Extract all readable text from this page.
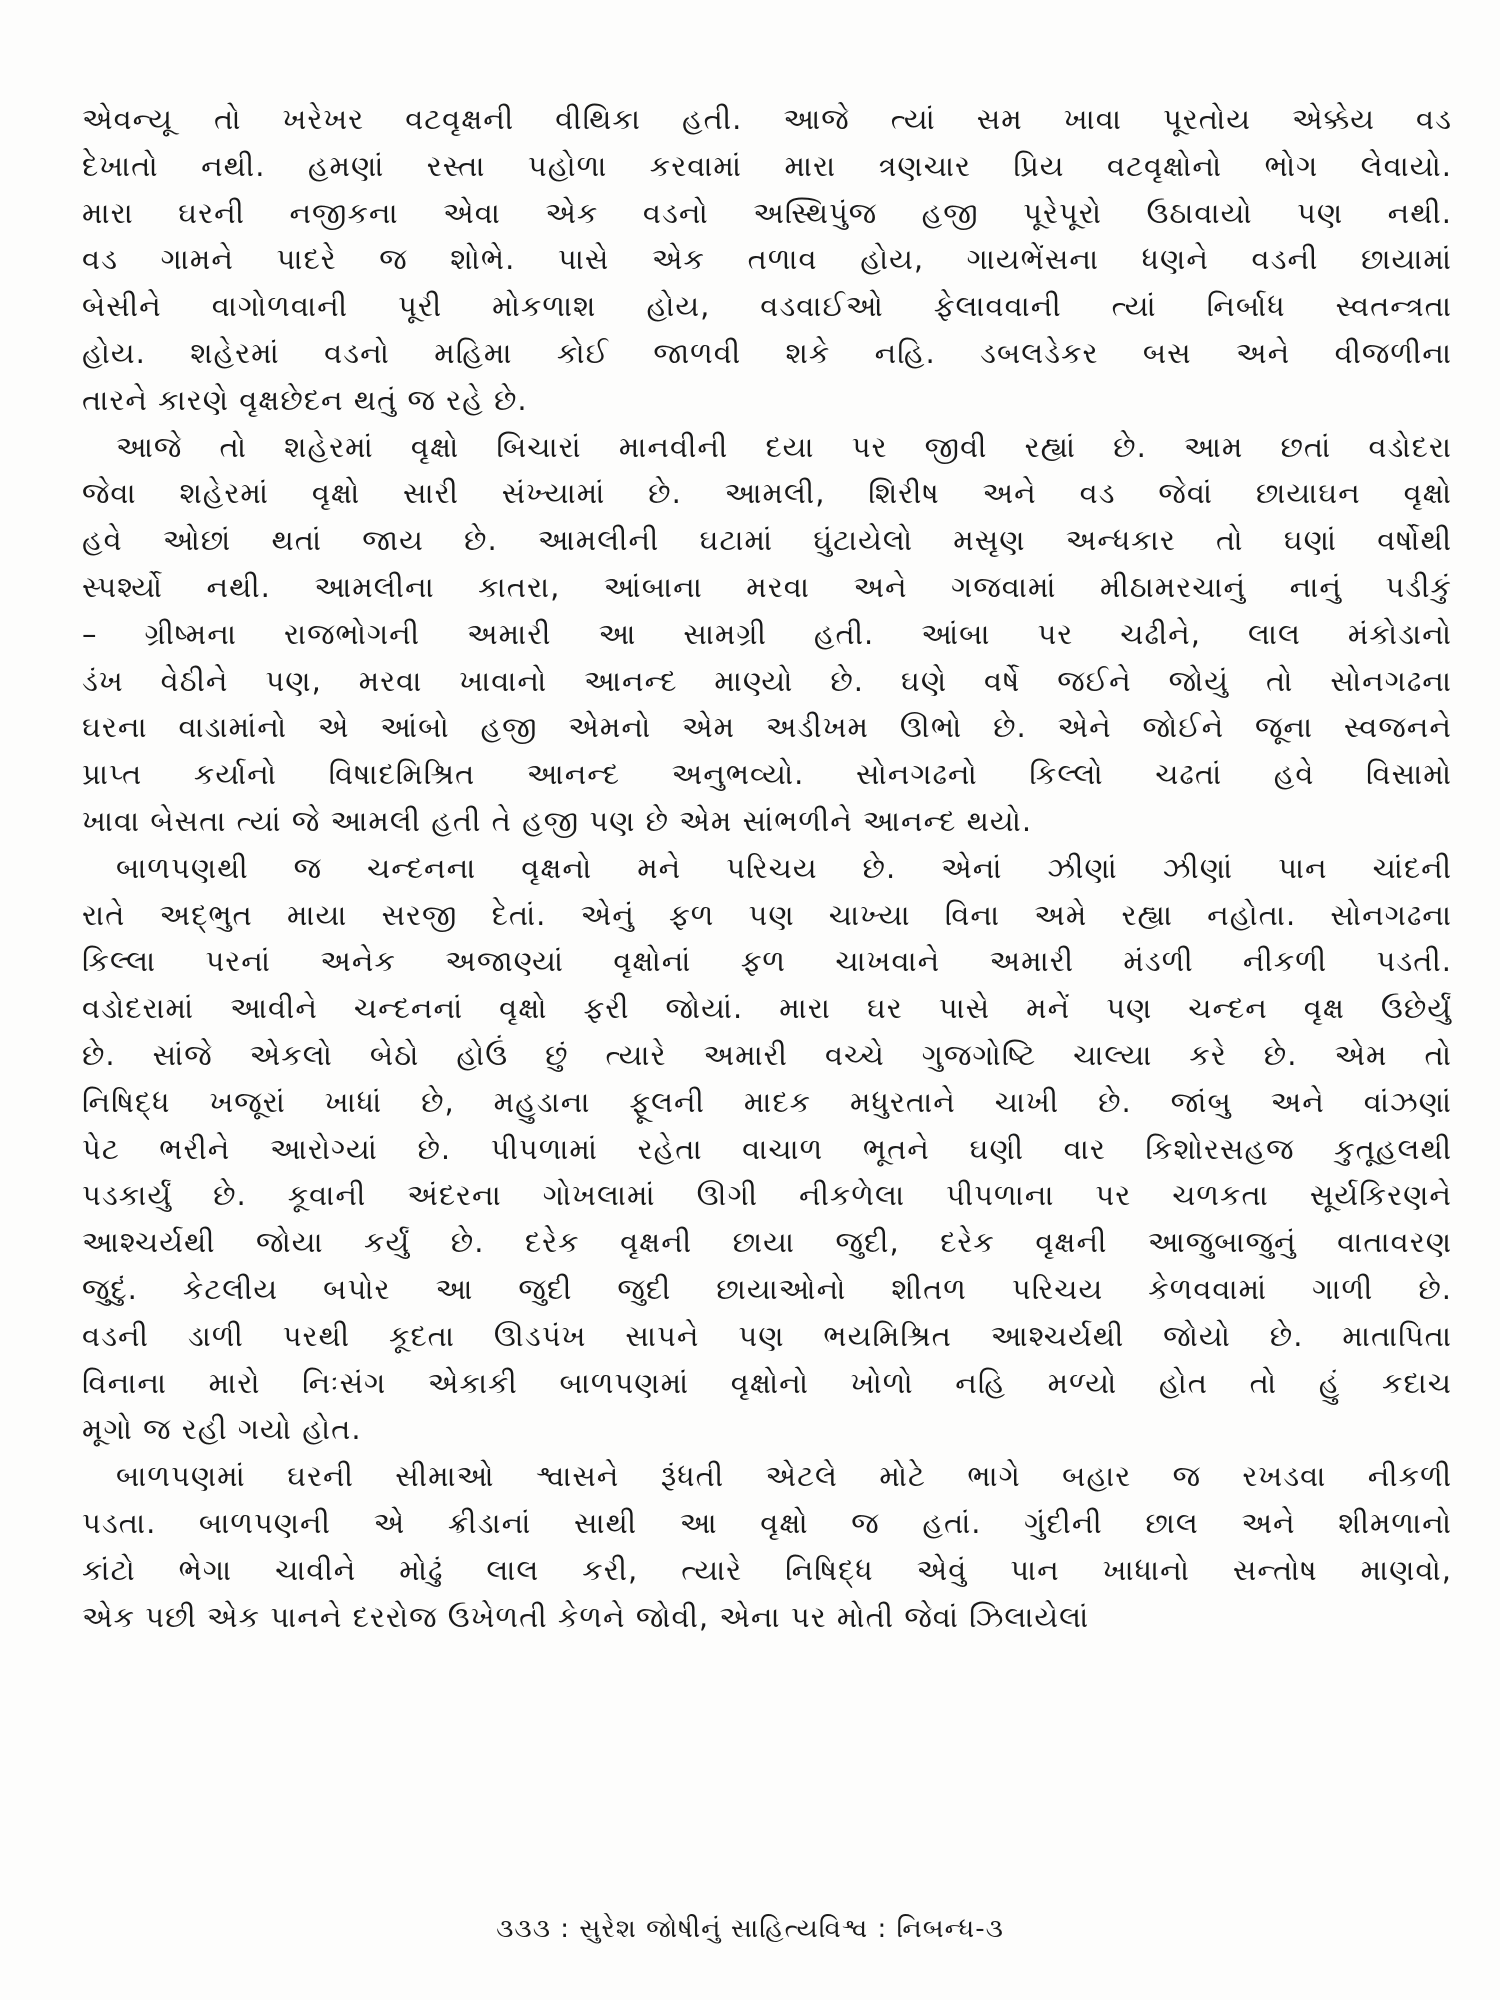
એવન્યૂ તો ખરેખર વટવૃક્ષની વીથિકા હતી. આજે ત્યાં સમ ખાવા પૂરતોય એક્કેય વડ
દેખાતો નથી. હમણાં રસ્તા પહોળા કરવામાં મારા ત્રણચાર પ્રિય વટવૃક્ષોનો ભોગ લેવાયો.
મારા ઘરની નજીકના એવા એક વડનો અસ્થિપુંજ હજી પૂરેપૂરો ઉઠાવાયો પણ નથી.
વડ ગામને પાદરે જ શોભે. પાસે એક તળાવ હોય, ગાયભેંસના ધણને વડની છાયામાં
બેસીને વાગોળવાની પૂરી મોકળાશ હોય, વડવાઈઓ ફેલાવવાની ત્યાં નિર્બાધ સ્વતન્ત્રતા
હોય. શહેરમાં વડનો મહિમા કોઈ જાળવી શકે નહિ. ડબલડેકર બસ અને વીજળીના
તારને કારણે વૃક્ષછેદન થતું જ રહે છે.
આજે તો શહેરમાં વૃક્ષો બિચારાં માનવીની દયા પર જીવી રહ્યાં છે. આમ છતાં વડોદરા
જેવા શહેરમાં વૃક્ષો સારી સંખ્યામાં છે. આમલી, શિરીષ અને વડ જેવાં છાયાઘન વૃક્ષો
હવે ઓછાં થતાં જાય છે. આમલીની ઘટામાં ઘુંટાયેલો મસૃણ અન્ધકાર તો ઘણાં વર્ષોથી
સ્પર્શ્યો નથી. આમલીના કાતરા, આંબાના મરવા અને ગજવામાં મીઠામરચાનું નાનું પડીકું
– ગ્રીષ્મના રાજભોગની અમારી આ સામગ્રી હતી. આંબા પર ચઢીને, લાલ મંકોડાનો
ડંખ વેઠીને પણ, મરવા ખાવાનો આનન્દ માણ્યો છે. ઘણે વર્ષે જઈને જોયું તો સોનગઢના
ઘરના વાડામાંનો એ આંબો હજી એમનો એમ અડીખમ ઊભો છે. એને જોઈને જૂના સ્વજનને
પ્રાપ્ત કર્યાનો વિષાદમિશ્રિત આનન્દ અનુભવ્યો. સોનગઢનો કિલ્લો ચઢતાં હવે વિસામો
ખાવા બેસતા ત્યાં જે આમલી હતી તે હજી પણ છે એમ સાંભળીને આનન્દ થયો.
બાળપણથી જ ચન્દનના વૃક્ષનો મને પરિચય છે. એનાં ઝીણાં ઝીણાં પાન ચાંદની
રાતે અદ્ભુત માયા સરજી દેતાં. એનું ફળ પણ ચાખ્યા વિના અમે રહ્યા નહોતા. સોનગઢના
કિલ્લા પરનાં અનેક અજાણ્યાં વૃક્ષોનાં ફળ ચાખવાને અમારી મંડળી નીકળી પડતી.
વડોદરામાં આવીને ચન્દનનાં વૃક્ષો ફરી જોયાં. મારા ઘર પાસે મનેં પણ ચન્દન વૃક્ષ ઉછેર્યું
છે. સાંજે એકલો બેઠો હોઉં છું ત્યારે અમારી વચ્ચે ગુજગોષ્ટિ ચાલ્યા કરે છે. એમ તો
નિષિદ્ધ ખજૂરાં ખાધાં છે, મહુડાના ફૂલની માદક મધુરતાને ચાખી છે. જાંબુ અને વાંઝણાં
પેટ ભરીને આરોગ્યાં છે. પીપળામાં રહેતા વાચાળ ભૂતને ઘણી વાર કિશોરસહજ કુતૂહલથી
પડકાર્યું છે. કૂવાની અંદરના ગોખલામાં ઊગી નીકળેલા પીપળાના પર ચળકતા સૂર્યકિરણને
આશ્ચર્યથી જોયા કર્યું છે. દરેક વૃક્ષની છાયા જુદી, દરેક વૃક્ષની આજુબાજુનું વાતાવરણ
જુદું. કેટલીય બપોર આ જુદી જુદી છાયાઓનો શીતળ પરિચય કેળવવામાં ગાળી છે.
વડની ડાળી પરથી કૂદતા ઊડપંખ સાપને પણ ભયમિશ્રિત આશ્ચર્યથી જોયો છે. માતાપિતા
વિનાના મારો નિઃસંગ એકાકી બાળપણમાં વૃક્ષોનો ખોળો નહિ મળ્યો હોત તો હું કદાચ
મૂગો જ રહી ગયો હોત.
બાળપણમાં ઘરની સીમાઓ શ્વાસને રૂંધતી એટલે મોટે ભાગે બહાર જ રખડવા નીકળી
પડતા. બાળપણની એ ક્રીડાનાં સાથી આ વૃક્ષો જ હતાં. ગુંદીની છાલ અને શીમળાનો
કાંટો ભેગા ચાવીને મોઢું લાલ કરી, ત્યારે નિષિદ્ધ એવું પાન ખાધાનો સન્તોષ માણવો,
એક પછી એક પાનને દરરોજ ઉખેળતી કેળને જોવી, એના પર મોતી જેવાં ઝિલાયેલાં
૩૩૩ : સુરેશ જોષીનું સાહિત્યવિશ્વ : નિબન્ધ-૩
